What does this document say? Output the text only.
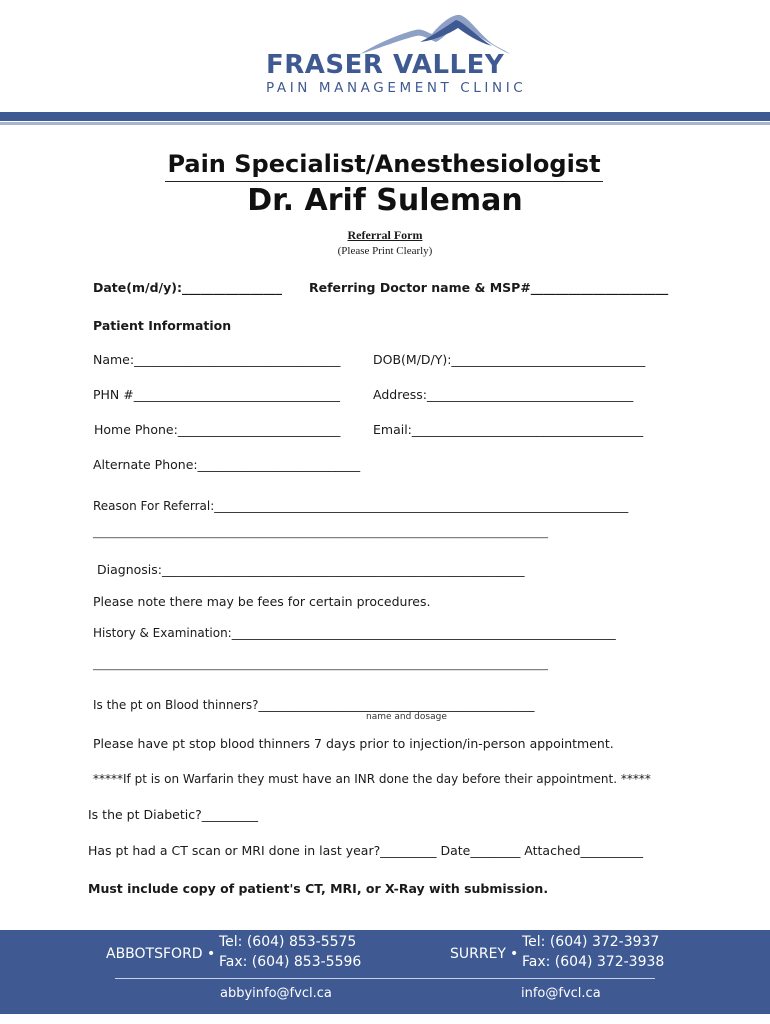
FRASER VALLEY
PAIN MANAGEMENT CLINIC
Pain Specialist/Anesthesiologist
Dr. Arif Suleman
Referral Form
(Please Print Clearly)
Date(m/d/y):________________ Referring Doctor name & MSP#______________________
Patient Information
Name:_________________________________	DOB(M/D/Y):_______________________________
PHN #_________________________________	Address:_________________________________
Home Phone:__________________________	Email:_____________________________________
Alternate Phone:__________________________
Reason For Referral:_____________________________________________________________________
___________________________________________________________________________________________
Diagnosis:__________________________________________________________
Please note there may be fees for certain procedures.
History & Examination:________________________________________________________________
___________________________________________________________________________________________
Is the pt on Blood thinners?______________________________________________
name and dosage
Please have pt stop blood thinners 7 days prior to injection/in-person appointment.
*****If pt is on Warfarin they must have an INR done the day before their appointment. *****
Is the pt Diabetic?_________
Has pt had a CT scan or MRI done in last year?_________ Date________ Attached__________
Must include copy of patient's CT, MRI, or X-Ray with submission.
ABBOTSFORD •
Tel: (604) 853-5575
Fax: (604) 853-5596	SURREY •
Tel: (604) 372-3937
Fax: (604) 372-3938
abbyinfo@fvcl.ca	info@fvcl.ca
